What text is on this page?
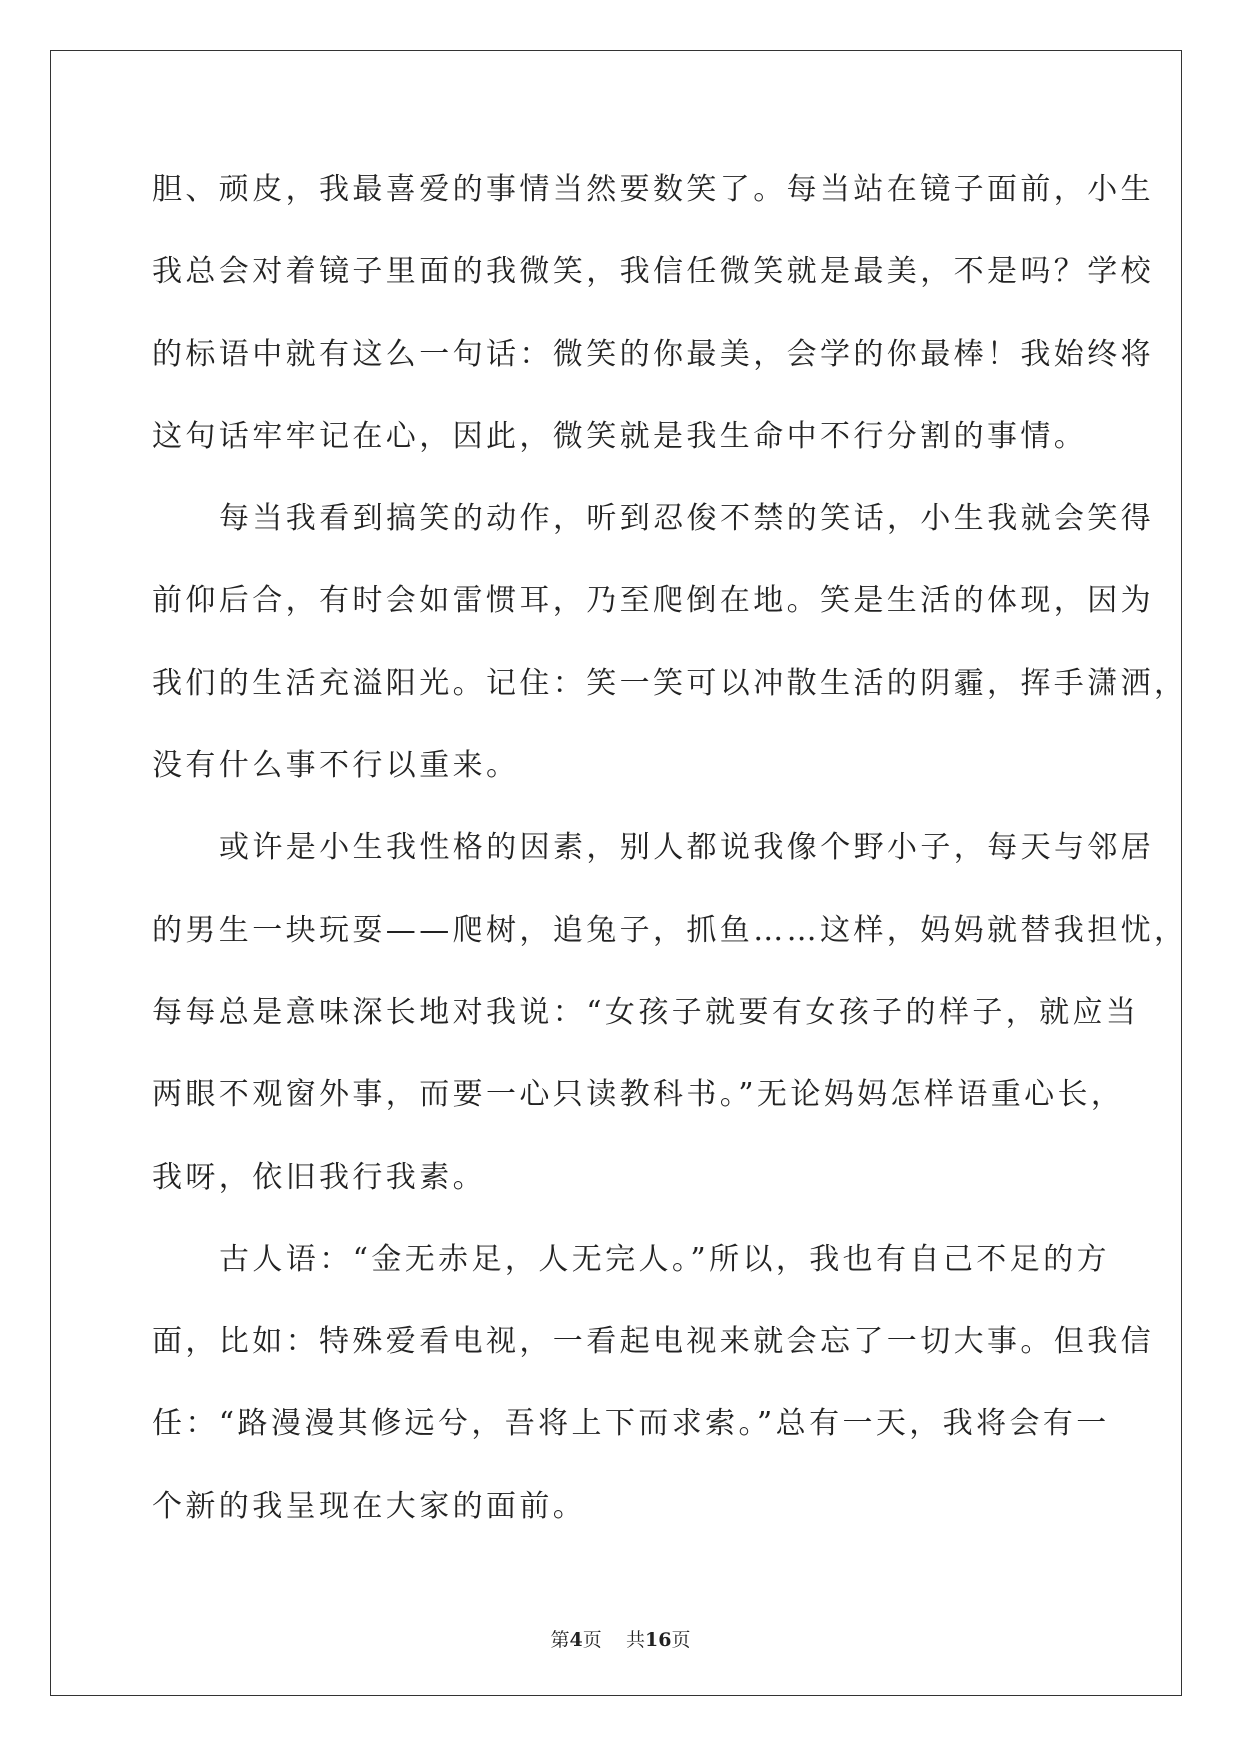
胆、顽皮，我最喜爱的事情当然要数笑了。每当站在镜子面前，小生
我总会对着镜子里面的我微笑，我信任微笑就是最美，不是吗？学校
的标语中就有这么一句话：微笑的你最美，会学的你最棒！我始终将
这句话牢牢记在心，因此，微笑就是我生命中不行分割的事情。
每当我看到搞笑的动作，听到忍俊不禁的笑话，小生我就会笑得
前仰后合，有时会如雷惯耳，乃至爬倒在地。笑是生活的体现，因为
我们的生活充溢阳光。记住：笑一笑可以冲散生活的阴霾，挥手潇洒，
没有什么事不行以重来。
或许是小生我性格的因素，别人都说我像个野小子，每天与邻居
的男生一块玩耍——爬树，追兔子，抓鱼……这样，妈妈就替我担忧，
每每总是意味深长地对我说：“女孩子就要有女孩子的样子，就应当
两眼不观窗外事，而要一心只读教科书。”无论妈妈怎样语重心长，
我呀，依旧我行我素。
古人语：“金无赤足，人无完人。”所以，我也有自己不足的方
面，比如：特殊爱看电视，一看起电视来就会忘了一切大事。但我信
任：“路漫漫其修远兮，吾将上下而求索。”总有一天，我将会有一
个新的我呈现在大家的面前。
第4页 共16页
